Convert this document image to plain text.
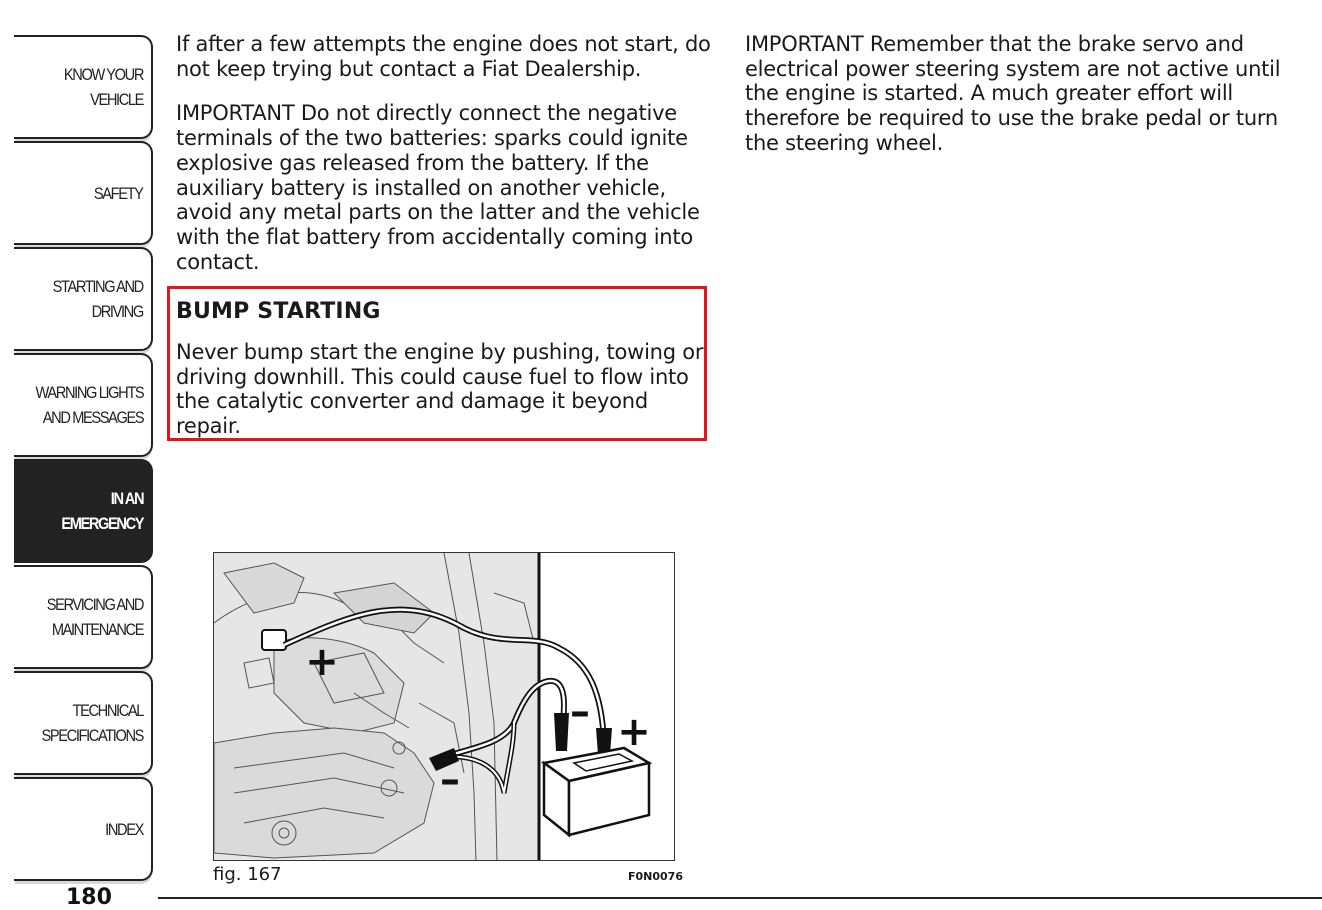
KNOW YOUR
VEHICLE
SAFETY
STARTING AND
DRIVING
WARNING LIGHTS
AND MESSAGES
IN AN
EMERGENCY
SERVICING AND
MAINTENANCE
TECHNICAL
SPECIFICATIONS
INDEX

If after a few attempts the engine does not start, do not keep trying but contact a Fiat Dealership.

IMPORTANT Do not directly connect the negative terminals of the two batteries: sparks could ignite explosive gas released from the battery. If the auxiliary battery is installed on another vehicle, avoid any metal parts on the latter and the vehicle with the flat battery from accidentally coming into contact.

BUMP STARTING
Never bump start the engine by pushing, towing or driving downhill. This could cause fuel to flow into the catalytic converter and damage it beyond repair.

IMPORTANT Remember that the brake servo and electrical power steering system are not active until the engine is started. A much greater effort will therefore be required to use the brake pedal or turn the steering wheel.

+
+
–
–
fig. 167	F0N0076
180
